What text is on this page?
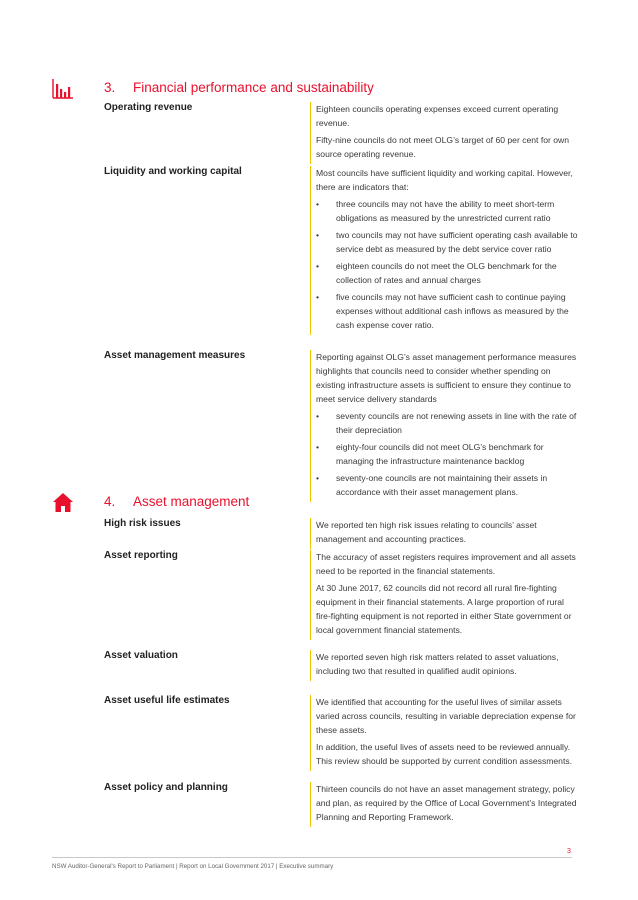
3. Financial performance and sustainability
Operating revenue	Eighteen councils operating expenses exceed current operating revenue.

Fifty-nine councils do not meet OLG’s target of 60 per cent for own source operating revenue.

Liquidity and working capital	Most councils have sufficient liquidity and working capital. However, there are indicators that:

• three councils may not have the ability to meet short-term obligations as measured by the unrestricted current ratio
• two councils may not have sufficient operating cash available to service debt as measured by the debt service cover ratio
• eighteen councils do not meet the OLG benchmark for the collection of rates and annual charges
• five councils may not have sufficient cash to continue paying expenses without additional cash inflows as measured by the cash expense cover ratio.
Asset management measures	Reporting against OLG’s asset management performance measures highlights that councils need to consider whether spending on existing infrastructure assets is sufficient to ensure they continue to meet service delivery standards

• seventy councils are not renewing assets in line with the rate of their depreciation
• eighty-four councils did not meet OLG’s benchmark for managing the infrastructure maintenance backlog
• seventy-one councils are not maintaining their assets in accordance with their asset management plans.
4. Asset management
High risk issues	We reported ten high risk issues relating to councils’ asset management and accounting practices.

Asset reporting	The accuracy of asset registers requires improvement and all assets need to be reported in the financial statements.

At 30 June 2017, 62 councils did not record all rural fire-fighting equipment in their financial statements. A large proportion of rural fire-fighting equipment is not reported in either State government or local government financial statements.

Asset valuation	We reported seven high risk matters related to asset valuations, including two that resulted in qualified audit opinions.

Asset useful life estimates	We identified that accounting for the useful lives of similar assets varied across councils, resulting in variable depreciation expense for these assets.

In addition, the useful lives of assets need to be reviewed annually. This review should be supported by current condition assessments.

Asset policy and planning	Thirteen councils do not have an asset management strategy, policy and plan, as required by the Office of Local Government’s Integrated Planning and Reporting Framework.

3
NSW Auditor-General's Report to Parliament | Report on Local Government 2017 | Executive summary
